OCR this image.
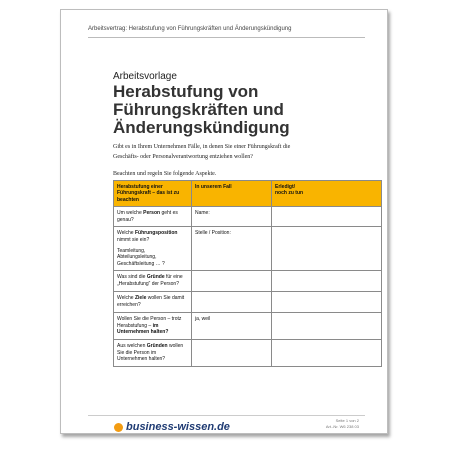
Arbeitsvertrag: Herabstufung von Führungskräften und Änderungskündigung
Arbeitsvorlage
Herabstufung von
Führungskräften und
Änderungskündigung

Gibt es in Ihrem Unternehmen Fälle, in denen Sie einer Führungskraft die
Geschäfts- oder Personalverantwortung entziehen wollen?

Beachten und regeln Sie folgende Aspekte.

Herabstufung einer
Führungskraft – das ist zu
beachten	In unserem Fall	Erledigt/
noch zu tun

Um welche Person geht es
genau?	Name:	

Welche Führungsposition
nimmt sie ein?
Teamleitung,
Abteilungsleitung,
Geschäftsleitung … ?	Stelle / Position:	

Was sind die Gründe für eine
„Herabstufung“ der Person?		

Welche Ziele wollen Sie damit
erreichen?		

Wollen Sie die Person – trotz
Herabstufung – im
Unternehmen halten?	ja, weil	

Aus welchen Gründen wollen
Sie die Person im
Unternehmen halten?		

business-wissen.de
Seite 1 von 2
Art.-Nr. W6 238 03
